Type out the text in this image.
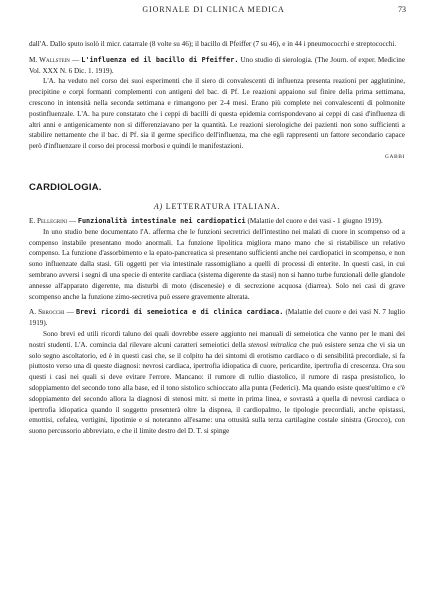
GIORNALE DI CLINICA MEDICA	73

dall'A. Dallo sputo isolò il micr. catarrale (8 volte su 46); il bacillo di Pfeiffer (7 su 46), e in 44 i pneumococchi e streptococchi.

M. Wallstein — L'influenza ed il bacillo di Pfeiffer. Uno studio di sierologia. (The Journ. of exper. Medicine Vol. XXX N. 6 Dic. 1. 1919).

L'A. ha veduto nel corso dei suoi esperimenti che il siero di convalescenti di influenza presenta reazioni per agglutinine, precipitine e corpi formanti complementi con antigeni del bac. di Pf. Le reazioni appaiono sul finire della prima settimana, crescono in intensità nella seconda settimana e rimangono per 2-4 mesi. Erano più complete nei convalescenti di polmonite postinfluenzale. L'A. ha pure constatato che i ceppi di bacilli di questa epidemia corrispondevano ai ceppi di casi d'influenza di altri anni e antigenicamente non si differenziavano per la quantità. Le reazioni sierologiche dei pazienti non sono sufficienti a stabilire nettamente che il bac. di Pf. sia il germe specifico dell'influenza, ma che egli rappresenti un fattore secondario capace però d'influenzare il corso dei processi morbosi e quindi le manifestazioni.

GABBI
CARDIOLOGIA.
A) LETTERATURA ITALIANA.

E. Pellegrini — Funzionalità intestinale nei cardiopatici (Malattie del cuore e dei vasi - 1 giugno 1919).

In uno studio bene documentato l'A. afferma che le funzioni secretrici dell'intestino nei malati di cuore in scompenso od a compenso instabile presentano modo anormali. La funzione lipolitica migliora mano mano che si ristabilisce un relativo compenso. La funzione d'assorbimento e la epato-pancreatica si presentano sufficienti anche nei cardiopatici in scompenso, e non sono influenzate dalla stasi. Gli oggetti per via intestinale rassomigliano a quelli di processi di enterite. In questi casi, in cui sembrano avversi i segni di una specie di enterite cardiaca (sistema digerente da stasi) non si hanno turbe funzionali delle glandole annesse all'apparato digerente, ma disturbi di moto (discenesie) e di secrezione acquosa (diarrea). Solo nei casi di grave scompenso anche la funzione zimo-secretiva può essere gravemente alterata.

A. Sbrocchi — Brevi ricordi di semeiotica e di clinica cardiaca. (Malattie del cuore e dei vasi N. 7 luglio 1919).

Sono brevi ed utili ricordi taluno dei quali dovrebbe essere aggiunto nei manuali di semeiotica che vanno per le mani dei nostri studenti. L'A. comincia dal rilevare alcuni caratteri semeiotici della stenosi mitralica che può esistere senza che vi sia un solo segno ascoltatorio, ed è in questi casi che, se il colpito ha dei sintomi di erotismo cardiaco o di sensibilità precordiale, si fa piuttosto verso una di queste diagnosi: nevrosi cardiaca, ipertrofia idiopatica di cuore, pericardite, ipertrofia di crescenza. Ora sou questi i casi nei quali si deve evitare l'errore. Mancano: il rumore di rullio diastolico, il rumore di raspa presistolico, lo sdoppiamento del secondo tono alla base, ed il tono sistolico schioccato alla punta (Federici). Ma quando esiste quest'ultimo e c'è sdoppiamento del secondo allora la diagnosi di stenosi mitr. si mette in prima linea, e sovrastà a quella di nevrosi cardiaca o ipertrofia idiopatica quando il soggetto presenterà oltre la dispnea, il cardiopalmo, le tipologie precordiali, anche epistassi, emottisi, cefalea, vertigini, lipotimie e si noteranno all'esame: una ottusità sulla terza cartilagine costale sinistra (Grocco), con suono percussorio abbreviato, e che il limite destro del D. T. si spinge
